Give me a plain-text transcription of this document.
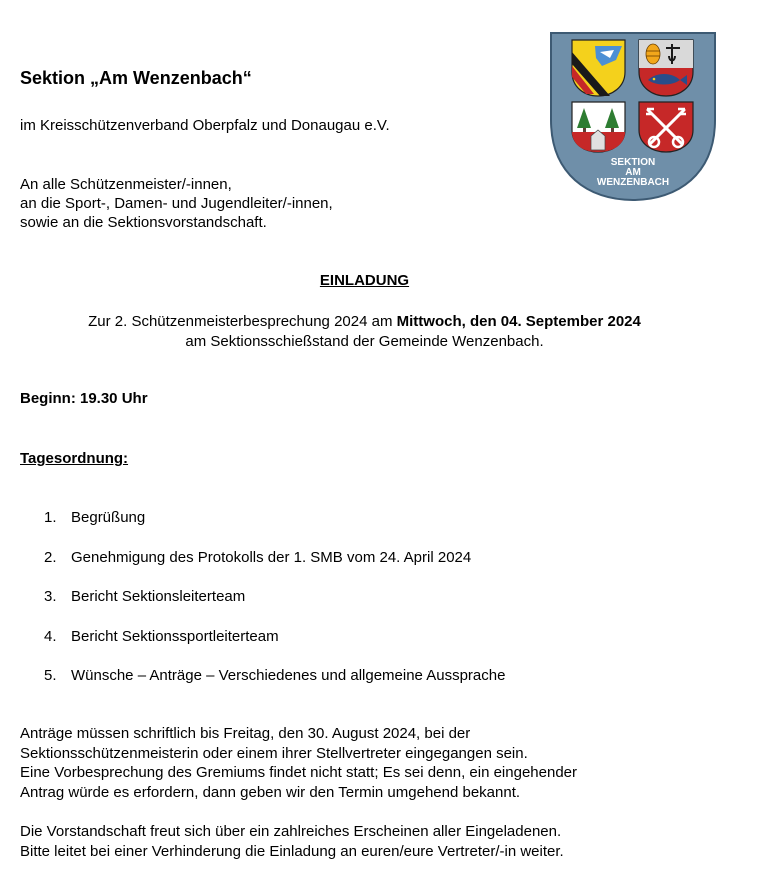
Sektion „Am Wenzenbach“
im Kreisschützenverband Oberpfalz und Donaugau e.V.
SEKTION
AM
WENZENBACH
An alle Schützenmeister/-innen,
an die Sport-, Damen- und Jugendleiter/-innen,
sowie an die Sektionsvorstandschaft.
EINLADUNG
Zur 2. Schützenmeisterbesprechung 2024 am Mittwoch, den 04. September 2024
am Sektionsschießstand der Gemeinde Wenzenbach.
Beginn: 19.30 Uhr
Tagesordnung:
1. Begrüßung
2. Genehmigung des Protokolls der 1. SMB vom 24. April 2024
3. Bericht Sektionsleiterteam
4. Bericht Sektionssportleiterteam
5. Wünsche – Anträge – Verschiedenes und allgemeine Aussprache
Anträge müssen schriftlich bis Freitag, den 30. August 2024, bei der
Sektionsschützenmeisterin oder einem ihrer Stellvertreter eingegangen sein.
Eine Vorbesprechung des Gremiums findet nicht statt; Es sei denn, ein eingehender
Antrag würde es erfordern, dann geben wir den Termin umgehend bekannt.
Die Vorstandschaft freut sich über ein zahlreiches Erscheinen aller Eingeladenen.
Bitte leitet bei einer Verhinderung die Einladung an euren/eure Vertreter/-in weiter.
